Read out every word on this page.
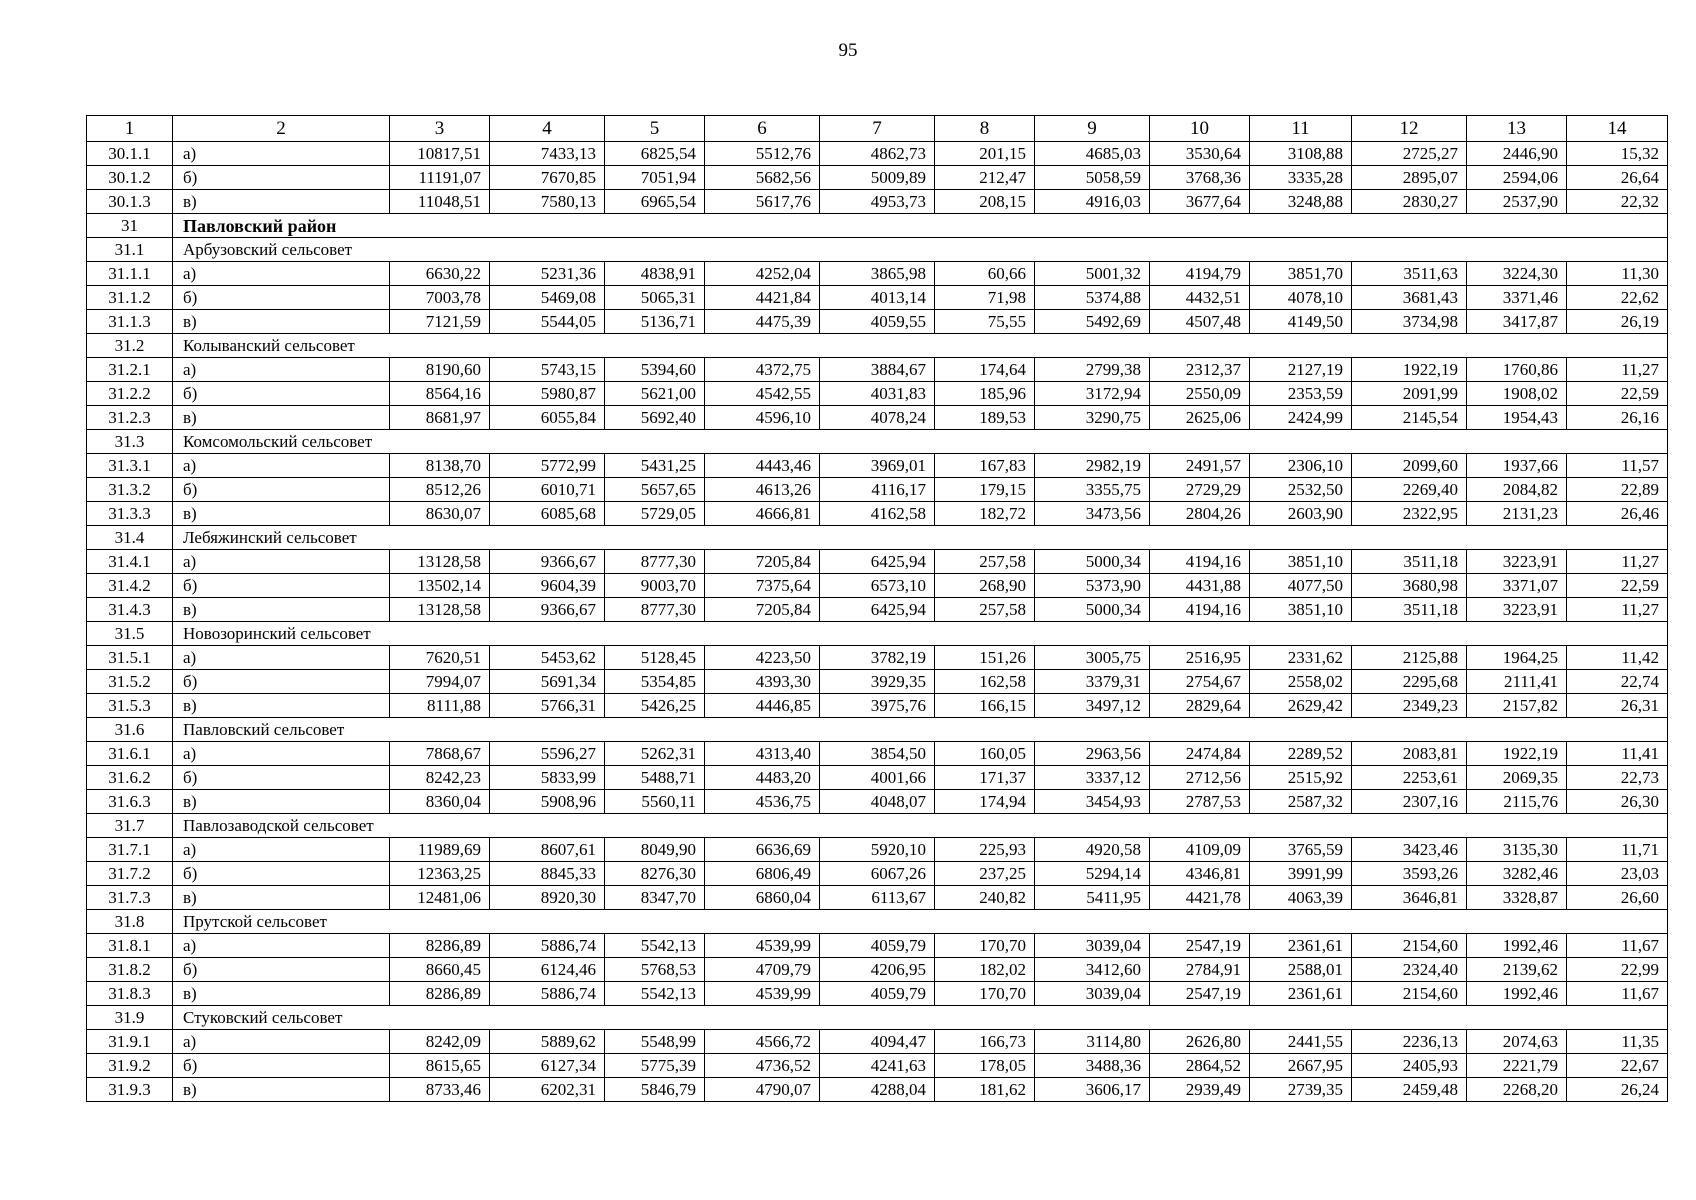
95
1	2	3	4	5	6	7	8	9	10	11	12	13	14
30.1.1	а)	10817,51	7433,13	6825,54	5512,76	4862,73	201,15	4685,03	3530,64	3108,88	2725,27	2446,90	15,32
30.1.2	б)	11191,07	7670,85	7051,94	5682,56	5009,89	212,47	5058,59	3768,36	3335,28	2895,07	2594,06	26,64
30.1.3	в)	11048,51	7580,13	6965,54	5617,76	4953,73	208,15	4916,03	3677,64	3248,88	2830,27	2537,90	22,32
31	Павловский район												
31.1	Арбузовский сельсовет												
31.1.1	а)	6630,22	5231,36	4838,91	4252,04	3865,98	60,66	5001,32	4194,79	3851,70	3511,63	3224,30	11,30
31.1.2	б)	7003,78	5469,08	5065,31	4421,84	4013,14	71,98	5374,88	4432,51	4078,10	3681,43	3371,46	22,62
31.1.3	в)	7121,59	5544,05	5136,71	4475,39	4059,55	75,55	5492,69	4507,48	4149,50	3734,98	3417,87	26,19
31.2	Колыванский сельсовет												
31.2.1	а)	8190,60	5743,15	5394,60	4372,75	3884,67	174,64	2799,38	2312,37	2127,19	1922,19	1760,86	11,27
31.2.2	б)	8564,16	5980,87	5621,00	4542,55	4031,83	185,96	3172,94	2550,09	2353,59	2091,99	1908,02	22,59
31.2.3	в)	8681,97	6055,84	5692,40	4596,10	4078,24	189,53	3290,75	2625,06	2424,99	2145,54	1954,43	26,16
31.3	Комсомольский сельсовет												
31.3.1	а)	8138,70	5772,99	5431,25	4443,46	3969,01	167,83	2982,19	2491,57	2306,10	2099,60	1937,66	11,57
31.3.2	б)	8512,26	6010,71	5657,65	4613,26	4116,17	179,15	3355,75	2729,29	2532,50	2269,40	2084,82	22,89
31.3.3	в)	8630,07	6085,68	5729,05	4666,81	4162,58	182,72	3473,56	2804,26	2603,90	2322,95	2131,23	26,46
31.4	Лебяжинский сельсовет												
31.4.1	а)	13128,58	9366,67	8777,30	7205,84	6425,94	257,58	5000,34	4194,16	3851,10	3511,18	3223,91	11,27
31.4.2	б)	13502,14	9604,39	9003,70	7375,64	6573,10	268,90	5373,90	4431,88	4077,50	3680,98	3371,07	22,59
31.4.3	в)	13128,58	9366,67	8777,30	7205,84	6425,94	257,58	5000,34	4194,16	3851,10	3511,18	3223,91	11,27
31.5	Новозоринский сельсовет												
31.5.1	а)	7620,51	5453,62	5128,45	4223,50	3782,19	151,26	3005,75	2516,95	2331,62	2125,88	1964,25	11,42
31.5.2	б)	7994,07	5691,34	5354,85	4393,30	3929,35	162,58	3379,31	2754,67	2558,02	2295,68	2111,41	22,74
31.5.3	в)	8111,88	5766,31	5426,25	4446,85	3975,76	166,15	3497,12	2829,64	2629,42	2349,23	2157,82	26,31
31.6	Павловский сельсовет												
31.6.1	а)	7868,67	5596,27	5262,31	4313,40	3854,50	160,05	2963,56	2474,84	2289,52	2083,81	1922,19	11,41
31.6.2	б)	8242,23	5833,99	5488,71	4483,20	4001,66	171,37	3337,12	2712,56	2515,92	2253,61	2069,35	22,73
31.6.3	в)	8360,04	5908,96	5560,11	4536,75	4048,07	174,94	3454,93	2787,53	2587,32	2307,16	2115,76	26,30
31.7	Павлозаводской сельсовет												
31.7.1	а)	11989,69	8607,61	8049,90	6636,69	5920,10	225,93	4920,58	4109,09	3765,59	3423,46	3135,30	11,71
31.7.2	б)	12363,25	8845,33	8276,30	6806,49	6067,26	237,25	5294,14	4346,81	3991,99	3593,26	3282,46	23,03
31.7.3	в)	12481,06	8920,30	8347,70	6860,04	6113,67	240,82	5411,95	4421,78	4063,39	3646,81	3328,87	26,60
31.8	Прутской сельсовет												
31.8.1	а)	8286,89	5886,74	5542,13	4539,99	4059,79	170,70	3039,04	2547,19	2361,61	2154,60	1992,46	11,67
31.8.2	б)	8660,45	6124,46	5768,53	4709,79	4206,95	182,02	3412,60	2784,91	2588,01	2324,40	2139,62	22,99
31.8.3	в)	8286,89	5886,74	5542,13	4539,99	4059,79	170,70	3039,04	2547,19	2361,61	2154,60	1992,46	11,67
31.9	Стуковский сельсовет												
31.9.1	а)	8242,09	5889,62	5548,99	4566,72	4094,47	166,73	3114,80	2626,80	2441,55	2236,13	2074,63	11,35
31.9.2	б)	8615,65	6127,34	5775,39	4736,52	4241,63	178,05	3488,36	2864,52	2667,95	2405,93	2221,79	22,67
31.9.3	в)	8733,46	6202,31	5846,79	4790,07	4288,04	181,62	3606,17	2939,49	2739,35	2459,48	2268,20	26,24
